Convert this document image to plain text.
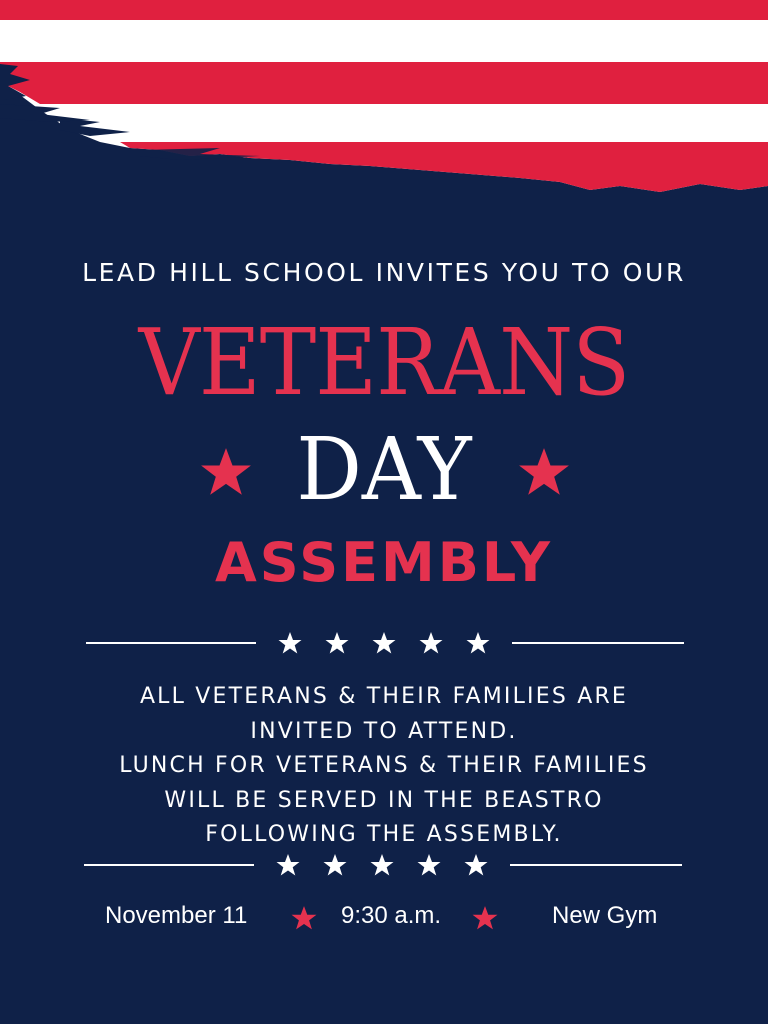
LEAD HILL SCHOOL INVITES YOU TO OUR
VETERANS
DAY
ASSEMBLY
ALL VETERANS & THEIR FAMILIES ARE
INVITED TO ATTEND.
LUNCH FOR VETERANS & THEIR FAMILIES
WILL BE SERVED IN THE BEASTRO
FOLLOWING THE ASSEMBLY.
November 11	9:30 a.m.	New Gym
